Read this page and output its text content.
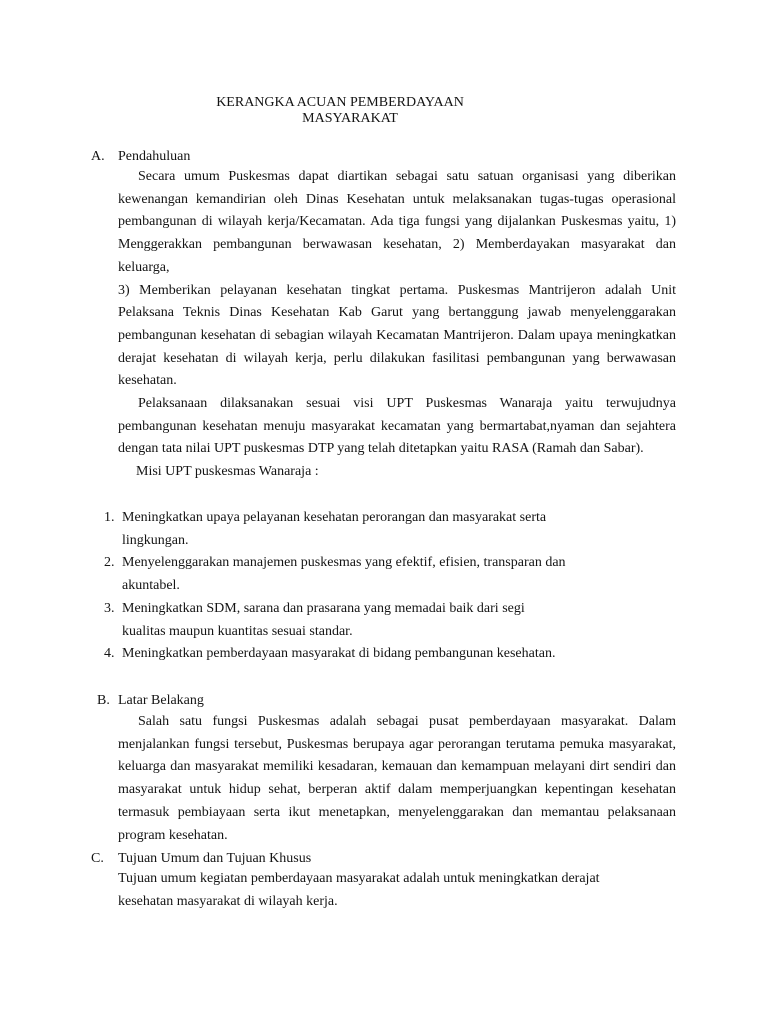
KERANGKA ACUAN PEMBERDAYAAN
MASYARAKAT
A. Pendahuluan

Secara umum Puskesmas dapat diartikan sebagai satu satuan organisasi yang diberikan kewenangan kemandirian oleh Dinas Kesehatan untuk melaksanakan tugas-tugas operasional pembangunan di wilayah kerja/Kecamatan. Ada tiga fungsi yang dijalankan Puskesmas yaitu, 1) Menggerakkan pembangunan berwawasan kesehatan, 2) Memberdayakan masyarakat dan keluarga,

3) Memberikan pelayanan kesehatan tingkat pertama. Puskesmas Mantrijeron adalah Unit Pelaksana Teknis Dinas Kesehatan Kab Garut yang bertanggung jawab menyelenggarakan pembangunan kesehatan di sebagian wilayah Kecamatan Mantrijeron. Dalam upaya meningkatkan derajat kesehatan di wilayah kerja, perlu dilakukan fasilitasi pembangunan yang berwawasan kesehatan.

Pelaksanaan dilaksanakan sesuai visi UPT Puskesmas Wanaraja yaitu terwujudnya pembangunan kesehatan menuju masyarakat kecamatan yang bermartabat,nyaman dan sejahtera dengan tata nilai UPT puskesmas DTP yang telah ditetapkan yaitu RASA (Ramah dan Sabar).

Misi UPT puskesmas Wanaraja :

1. Meningkatkan upaya pelayanan kesehatan perorangan dan masyarakat serta
lingkungan.
2. Menyelenggarakan manajemen puskesmas yang efektif, efisien, transparan dan
akuntabel.
3. Meningkatkan SDM, sarana dan prasarana yang memadai baik dari segi
kualitas maupun kuantitas sesuai standar.
4. Meningkatkan pemberdayaan masyarakat di bidang pembangunan kesehatan.
B. Latar Belakang

Salah satu fungsi Puskesmas adalah sebagai pusat pemberdayaan masyarakat. Dalam menjalankan fungsi tersebut, Puskesmas berupaya agar perorangan terutama pemuka masyarakat, keluarga dan masyarakat memiliki kesadaran, kemauan dan kemampuan melayani dirt sendiri dan masyarakat untuk hidup sehat, berperan aktif dalam memperjuangkan kepentingan kesehatan termasuk pembiayaan serta ikut menetapkan, menyelenggarakan dan memantau pelaksanaan program kesehatan.

C. Tujuan Umum dan Tujuan Khusus

Tujuan umum kegiatan pemberdayaan masyarakat adalah untuk meningkatkan derajat kesehatan masyarakat di wilayah kerja.
